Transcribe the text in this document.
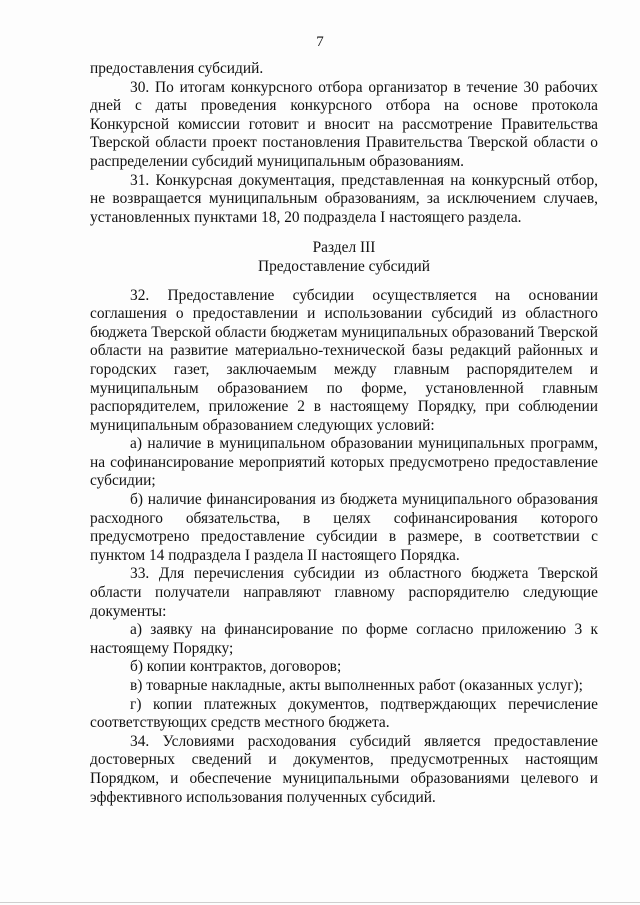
7

предоставления субсидий.

30. По итогам конкурсного отбора организатор в течение 30 рабочих дней с даты проведения конкурсного отбора на основе протокола Конкурсной комиссии готовит и вносит на рассмотрение Правительства Тверской области проект постановления Правительства Тверской области о распределении субсидий муниципальным образованиям.

31. Конкурсная документация, представленная на конкурсный отбор, не возвращается муниципальным образованиям, за исключением случаев, установленных пунктами 18, 20 подраздела I настоящего раздела.

Раздел III
Предоставление субсидий

32. Предоставление субсидии осуществляется на основании соглашения о предоставлении и использовании субсидий из областного бюджета Тверской области бюджетам муниципальных образований Тверской области на развитие материально-технической базы редакций районных и городских газет, заключаемым между главным распорядителем и муниципальным образованием по форме, установленной главным распорядителем, приложение 2 в настоящему Порядку, при соблюдении муниципальным образованием следующих условий:

а) наличие в муниципальном образовании муниципальных программ, на софинансирование мероприятий которых предусмотрено предоставление субсидии;

б) наличие финансирования из бюджета муниципального образования расходного обязательства, в целях софинансирования которого предусмотрено предоставление субсидии в размере, в соответствии с пунктом 14 подраздела I раздела II настоящего Порядка.

33. Для перечисления субсидии из областного бюджета Тверской области получатели направляют главному распорядителю следующие документы:

а) заявку на финансирование по форме согласно приложению 3 к настоящему Порядку;

б) копии контрактов, договоров;

в) товарные накладные, акты выполненных работ (оказанных услуг);

г) копии платежных документов, подтверждающих перечисление соответствующих средств местного бюджета.

34. Условиями расходования субсидий является предоставление достоверных сведений и документов, предусмотренных настоящим Порядком, и обеспечение муниципальными образованиями целевого и эффективного использования полученных субсидий.
